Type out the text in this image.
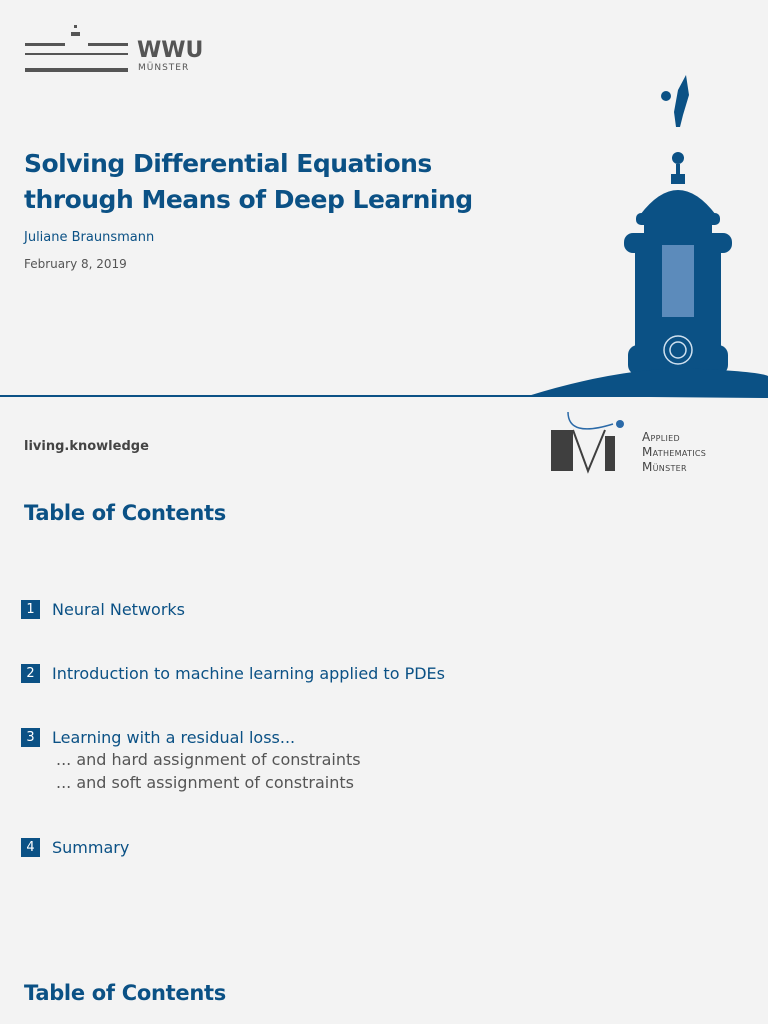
WWU
MÜNSTER
Solving Differential Equations
through Means of Deep Learning
Juliane Braunsmann
February 8, 2019
living.knowledge
Applied
Mathematics
Münster
Table of Contents
1	Neural Networks
2	Introduction to machine learning applied to PDEs
3	Learning with a residual loss...
... and hard assignment of constraints
... and soft assignment of constraints
4	Summary
Table of Contents
